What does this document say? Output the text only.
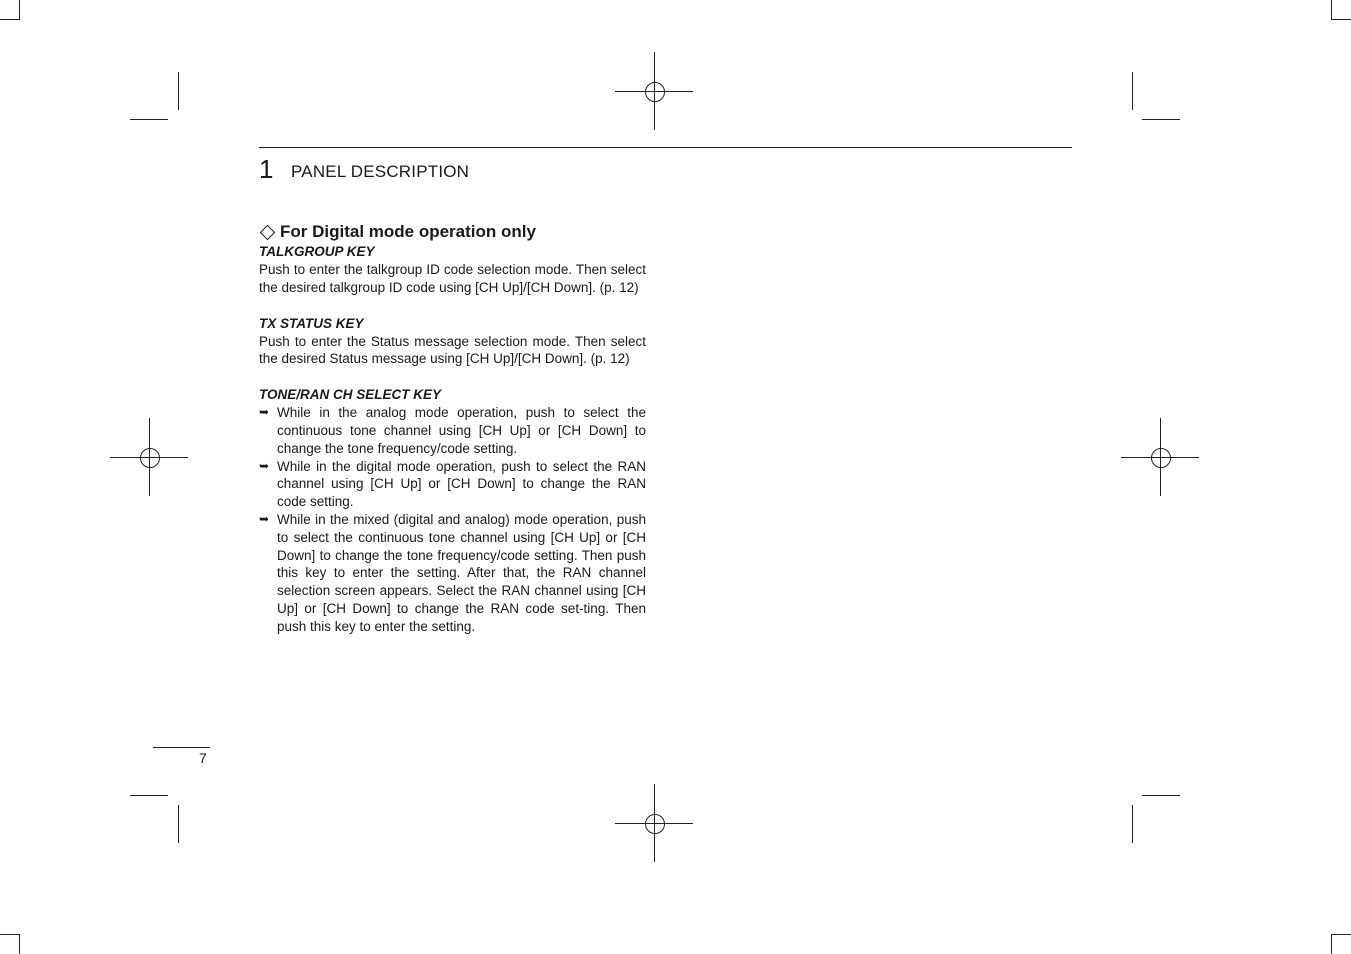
1 PANEL DESCRIPTION

For Digital mode operation only

TALKGROUP KEY

Push to enter the talkgroup ID code selection mode. Then select the desired talkgroup ID code using [CH Up]/[CH Down]. (p. 12)

TX STATUS KEY

Push to enter the Status message selection mode. Then select the desired Status message using [CH Up]/[CH Down]. (p. 12)

TONE/RAN CH SELECT KEY

➥ While in the analog mode operation, push to select the continuous tone channel using [CH Up] or [CH Down] to change the tone frequency/code setting.
➥ While in the digital mode operation, push to select the RAN channel using [CH Up] or [CH Down] to change the RAN code setting.
➥ While in the mixed (digital and analog) mode operation, push to select the continuous tone channel using [CH Up] or [CH Down] to change the tone frequency/code setting. Then push this key to enter the setting. After that, the RAN channel selection screen appears. Select the RAN channel using [CH Up] or [CH Down] to change the RAN code set-ting. Then push this key to enter the setting.
7
